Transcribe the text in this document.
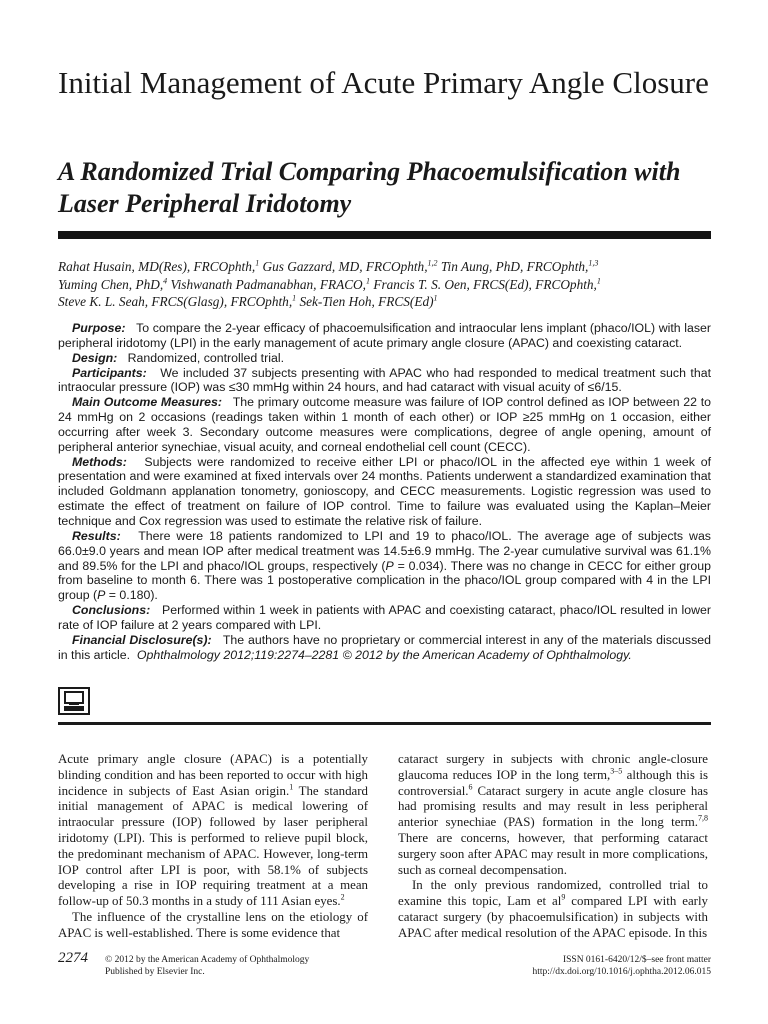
Initial Management of Acute Primary Angle Closure
A Randomized Trial Comparing Phacoemulsification with Laser Peripheral Iridotomy
Rahat Husain, MD(Res), FRCOphth,$^1$ Gus Gazzard, MD, FRCOphth,$^{1,2}$ Tin Aung, PhD, FRCOphth,$^{1,3}$
Yuming Chen, PhD,$^4$ Vishwanath Padmanabhan, FRACO,$^1$ Francis T. S. Oen, FRCS(Ed), FRCOphth,$^1$
Steve K. L. Seah, FRCS(Glasg), FRCOphth,$^1$ Sek-Tien Hoh, $FRCS(Ed)^1$

Purpose: To compare the 2-year efficacy of phacoemulsification and intraocular lens implant (phaco/IOL) with laser peripheral iridotomy (LPI) in the early management of acute primary angle closure (APAC) and coexisting cataract.

Design: Randomized, controlled trial.

Participants: We included 37 subjects presenting with APAC who had responded to medical treatment such that intraocular pressure (IOP) was ≤30 mmHg within 24 hours, and had cataract with visual acuity of ≤6/15.

Main Outcome Measures: The primary outcome measure was failure of IOP control defined as IOP between 22 to 24 mmHg on 2 occasions (readings taken within 1 month of each other) or IOP ≥25 mmHg on 1 occasion, either occurring after week 3. Secondary outcome measures were complications, degree of angle opening, amount of peripheral anterior synechiae, visual acuity, and corneal endothelial cell count (CECC).

Methods: Subjects were randomized to receive either LPI or phaco/IOL in the affected eye within 1 week of presentation and were examined at fixed intervals over 24 months. Patients underwent a standardized examination that included Goldmann applanation tonometry, gonioscopy, and CECC measurements. Logistic regression was used to estimate the effect of treatment on failure of IOP control. Time to failure was evaluated using the Kaplan–Meier technique and Cox regression was used to estimate the relative risk of failure.

Results: There were 18 patients randomized to LPI and 19 to phaco/IOL. The average age of subjects was 66.0±9.0 years and mean IOP after medical treatment was 14.5±6.9 mmHg. The 2-year cumulative survival was 61.1% and 89.5% for the LPI and phaco/IOL groups, respectively (P = 0.034). There was no change in CECC for either group from baseline to month 6. There was 1 postoperative complication in the phaco/IOL group compared with 4 in the LPI group (P = 0.180).

Conclusions: Performed within 1 week in patients with APAC and coexisting cataract, phaco/IOL resulted in lower rate of IOP failure at 2 years compared with LPI.

Financial Disclosure(s): The authors have no proprietary or commercial interest in any of the materials discussed in this article. Ophthalmology 2012;119:2274–2281 © 2012 by the American Academy of Ophthalmology.

Acute primary angle closure (APAC) is a potentially blinding condition and has been reported to occur with high incidence in subjects of East Asian origin.$^1$ The standard initial management of APAC is medical lowering of intraocular pressure (IOP) followed by laser peripheral iridotomy (LPI). This is performed to relieve pupil block, the predominant mechanism of APAC. However, long-term IOP control after LPI is poor, with 58.1% of subjects developing a rise in IOP requiring treatment at a mean follow-up of 50.3 months in a study of 111 Asian eyes.$^2$

The influence of the crystalline lens on the etiology of APAC is well-established. There is some evidence that

cataract surgery in subjects with chronic angle-closure glaucoma reduces IOP in the long term,$^{3-5}$ although this is controversial.$^6$ Cataract surgery in acute angle closure has had promising results and may result in less peripheral anterior synechiae (PAS) formation in the long term.$^{7,8}$ There are concerns, however, that performing cataract surgery soon after APAC may result in more complications, such as corneal decompensation.

In the only previous randomized, controlled trial to examine this topic, Lam et $al^9$ compared LPI with early cataract surgery (by phacoemulsification) in subjects with APAC after medical resolution of the APAC episode. In this

2274 © 2012 by the American Academy of Ophthalmology
Published by Elsevier Inc.
ISSN 0161-6420/12/$–see front matter
http://dx.doi.org/10.1016/j.ophtha.2012.06.015
